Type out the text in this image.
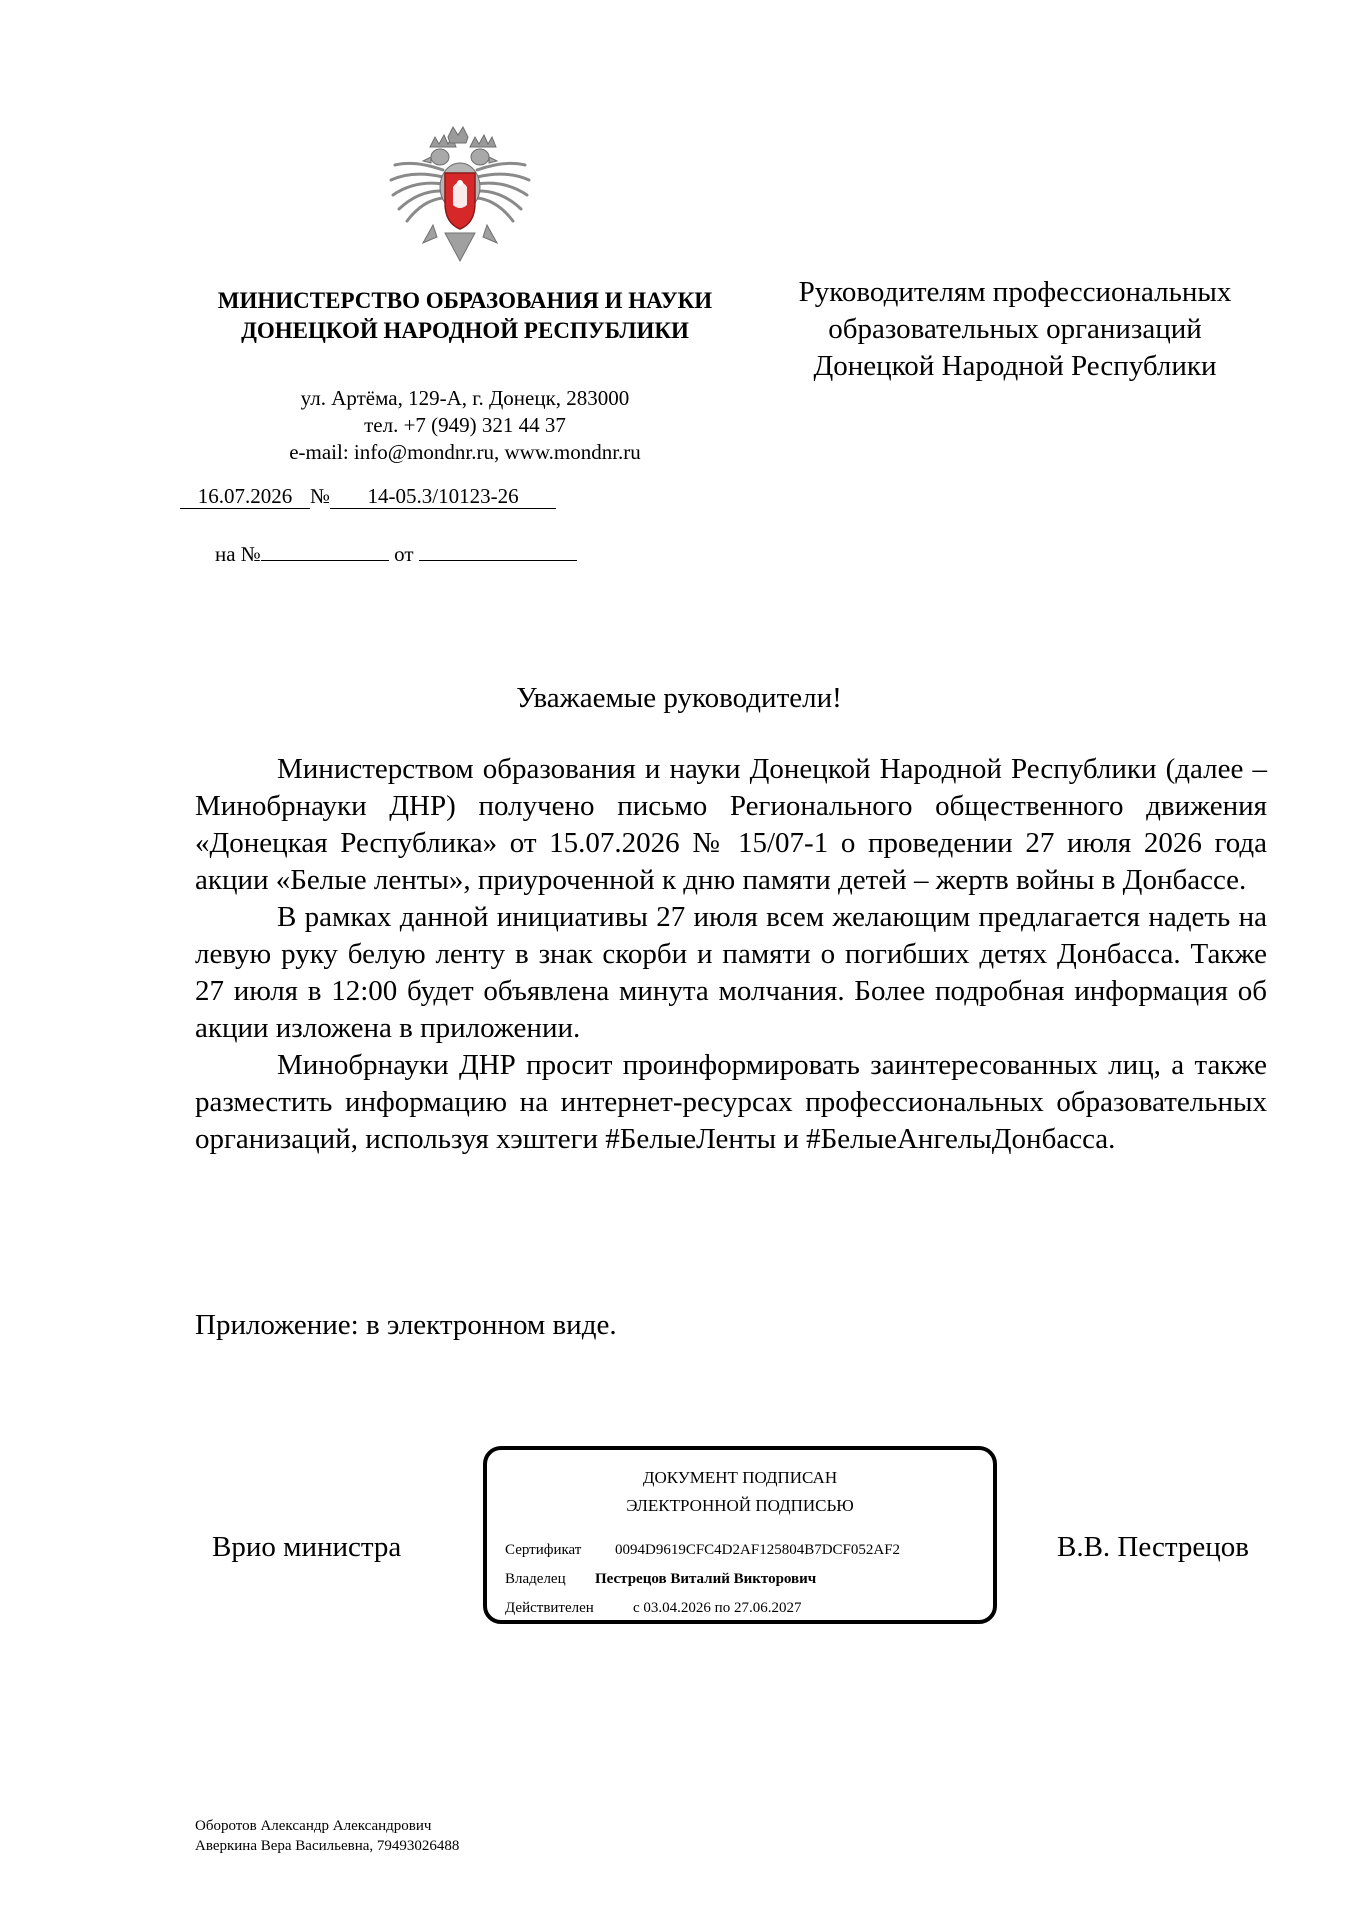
МИНИСТЕРСТВО ОБРАЗОВАНИЯ И НАУКИ
ДОНЕЦКОЙ НАРОДНОЙ РЕСПУБЛИКИ
Руководителям профессиональных
образовательных организаций
Донецкой Народной Республики
ул. Артёма, 129-А, г. Донецк, 283000
тел. +7 (949) 321 44 37
e-mail: info@mondnr.ru, www.mondnr.ru
16.07.2026 № 14-05.3/10123-26
на №	от
Уважаемые руководители!

Министерством образования и науки Донецкой Народной Республики (далее – Минобрнауки ДНР) получено письмо Регионального общественного движения «Донецкая Республика» от 15.07.2026 № 15/07-1 о проведении 27 июля 2026 года акции «Белые ленты», приуроченной к дню памяти детей – жертв войны в Донбассе.

В рамках данной инициативы 27 июля всем желающим предлагается надеть на левую руку белую ленту в знак скорби и памяти о погибших детях Донбасса. Также 27 июля в 12:00 будет объявлена минута молчания. Более подробная информация об акции изложена в приложении.

Минобрнауки ДНР просит проинформировать заинтересованных лиц, а также разместить информацию на интернет-ресурсах профессиональных образовательных организаций, используя хэштеги #БелыеЛенты и #БелыеАнгелыДонбасса.

Приложение: в электронном виде.
Врио министра
ДОКУМЕНТ ПОДПИСАН
ЭЛЕКТРОННОЙ ПОДПИСЬЮ
Сертификат 0094D9619CFC4D2AF125804B7DCF052AF2
Владелец Пестрецов Виталий Викторович
Действителен	с 03.04.2026 по 27.06.2027
В.В. Пестрецов
Оборотов Александр Александрович
Аверкина Вера Васильевна, 79493026488
